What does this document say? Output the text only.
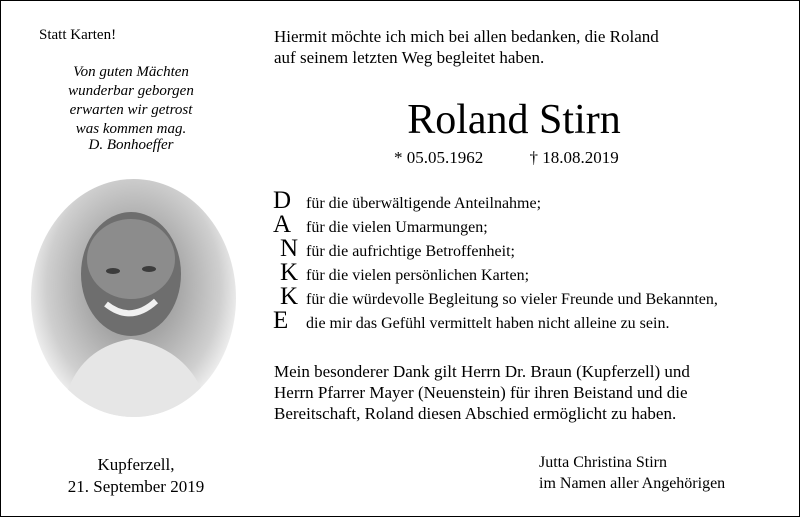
Statt Karten!
Von guten Mächten
wunderbar geborgen
erwarten wir getrost
was kommen mag.
D. Bonhoeffer
Kupferzell,
21. September 2019
Hiermit möchte ich mich bei allen bedanken, die Roland
auf seinem letzten Weg begleitet haben.
Roland Stirn
* 05.05.1962	† 18.08.2019
D für die überwältigende Anteilnahme;
A für die vielen Umarmungen;
N für die aufrichtige Betroffenheit;
K für die vielen persönlichen Karten;
K für die würdevolle Begleitung so vieler Freunde und Bekannten,
E die mir das Gefühl vermittelt haben nicht alleine zu sein.
Mein besonderer Dank gilt Herrn Dr. Braun (Kupferzell) und
Herrn Pfarrer Mayer (Neuenstein) für ihren Beistand und die
Bereitschaft, Roland diesen Abschied ermöglicht zu haben.
Jutta Christina Stirn
im Namen aller Angehörigen
